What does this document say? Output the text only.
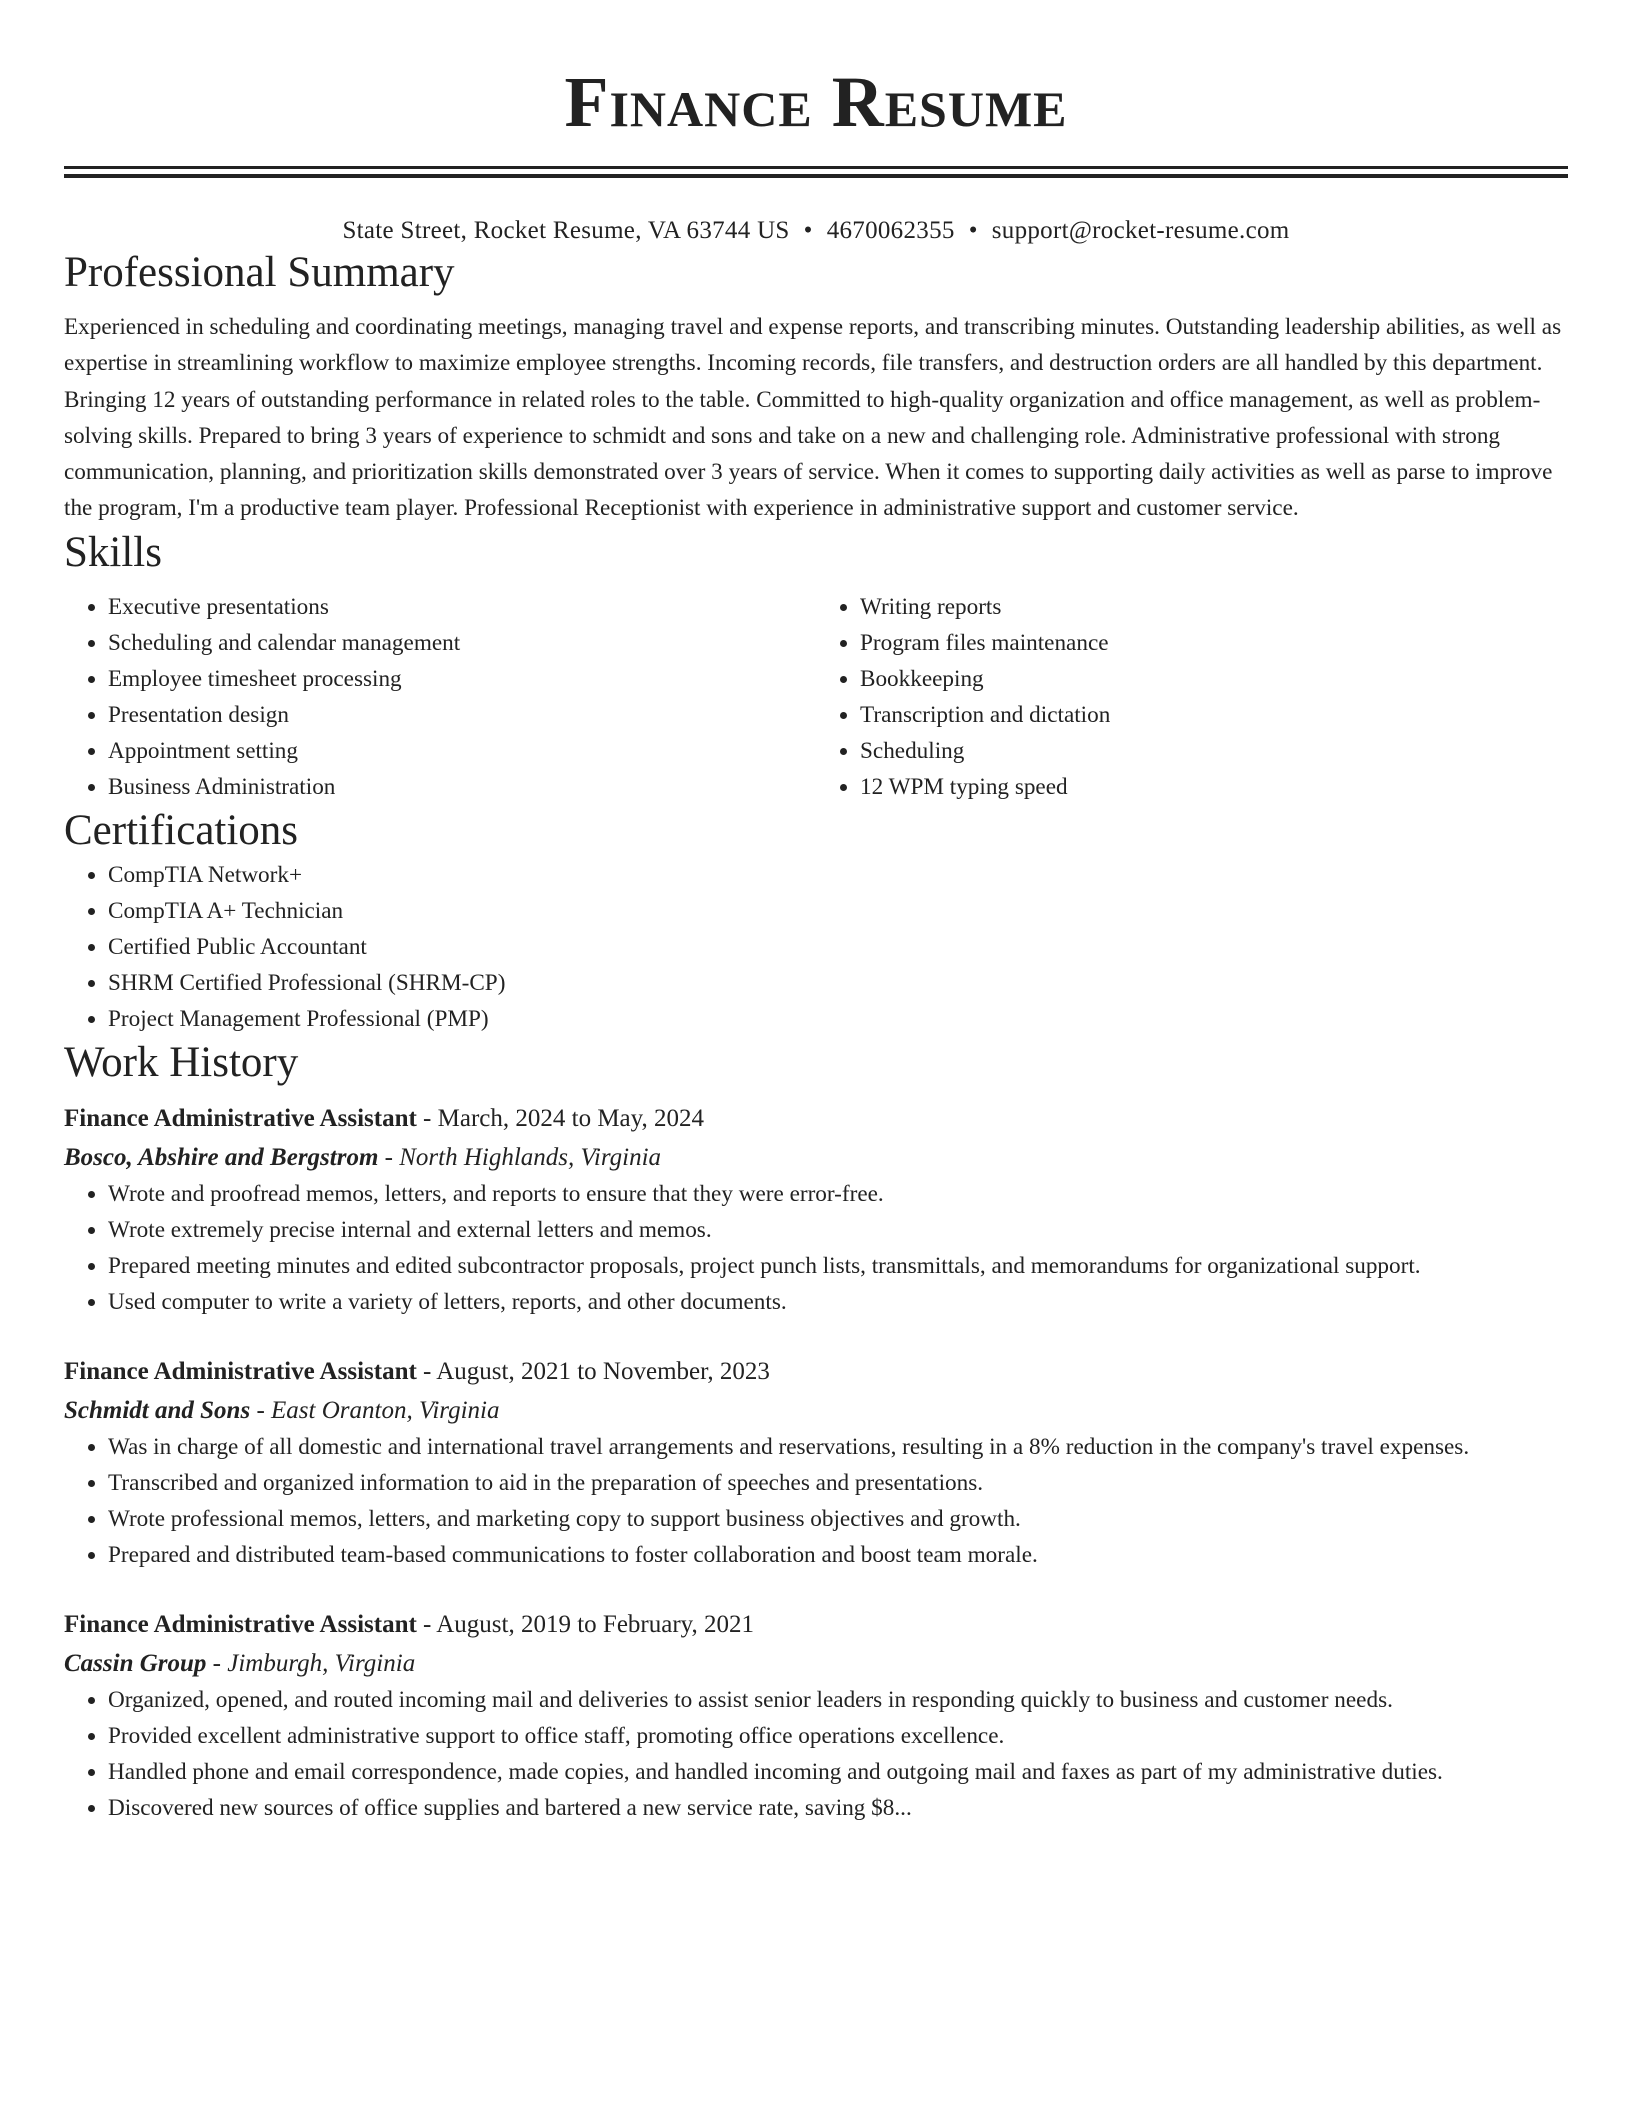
Finance Resume
State Street, Rocket Resume, VA 63744 US • 4670062355 • support@rocket-resume.com
Professional Summary
Experienced in scheduling and coordinating meetings, managing travel and expense reports, and transcribing minutes. Outstanding leadership abilities, as well as expertise in streamlining workflow to maximize employee strengths. Incoming records, file transfers, and destruction orders are all handled by this department. Bringing 12 years of outstanding performance in related roles to the table. Committed to high-quality organization and office management, as well as problem-solving skills. Prepared to bring 3 years of experience to schmidt and sons and take on a new and challenging role. Administrative professional with strong communication, planning, and prioritization skills demonstrated over 3 years of service. When it comes to supporting daily activities as well as parse to improve the program, I'm a productive team player. Professional Receptionist with experience in administrative support and customer service.
Skills
• Executive presentations
• Scheduling and calendar management
• Employee timesheet processing
• Presentation design
• Appointment setting
• Business Administration
• Writing reports
• Program files maintenance
• Bookkeeping
• Transcription and dictation
• Scheduling
• 12 WPM typing speed
Certifications
• CompTIA Network+
• CompTIA A+ Technician
• Certified Public Accountant
• SHRM Certified Professional (SHRM-CP)
• Project Management Professional (PMP)
Work History
Finance Administrative Assistant - March, 2024 to May, 2024
Bosco, Abshire and Bergstrom - North Highlands, Virginia
• Wrote and proofread memos, letters, and reports to ensure that they were error-free.
• Wrote extremely precise internal and external letters and memos.
• Prepared meeting minutes and edited subcontractor proposals, project punch lists, transmittals, and memorandums for organizational support.
• Used computer to write a variety of letters, reports, and other documents.
Finance Administrative Assistant - August, 2021 to November, 2023
Schmidt and Sons - East Oranton, Virginia
• Was in charge of all domestic and international travel arrangements and reservations, resulting in a 8% reduction in the company's travel expenses.
• Transcribed and organized information to aid in the preparation of speeches and presentations.
• Wrote professional memos, letters, and marketing copy to support business objectives and growth.
• Prepared and distributed team-based communications to foster collaboration and boost team morale.
Finance Administrative Assistant - August, 2019 to February, 2021
Cassin Group - Jimburgh, Virginia
• Organized, opened, and routed incoming mail and deliveries to assist senior leaders in responding quickly to business and customer needs.
• Provided excellent administrative support to office staff, promoting office operations excellence.
• Handled phone and email correspondence, made copies, and handled incoming and outgoing mail and faxes as part of my administrative duties.
• Discovered new sources of office supplies and bartered a new service rate, saving $8...
